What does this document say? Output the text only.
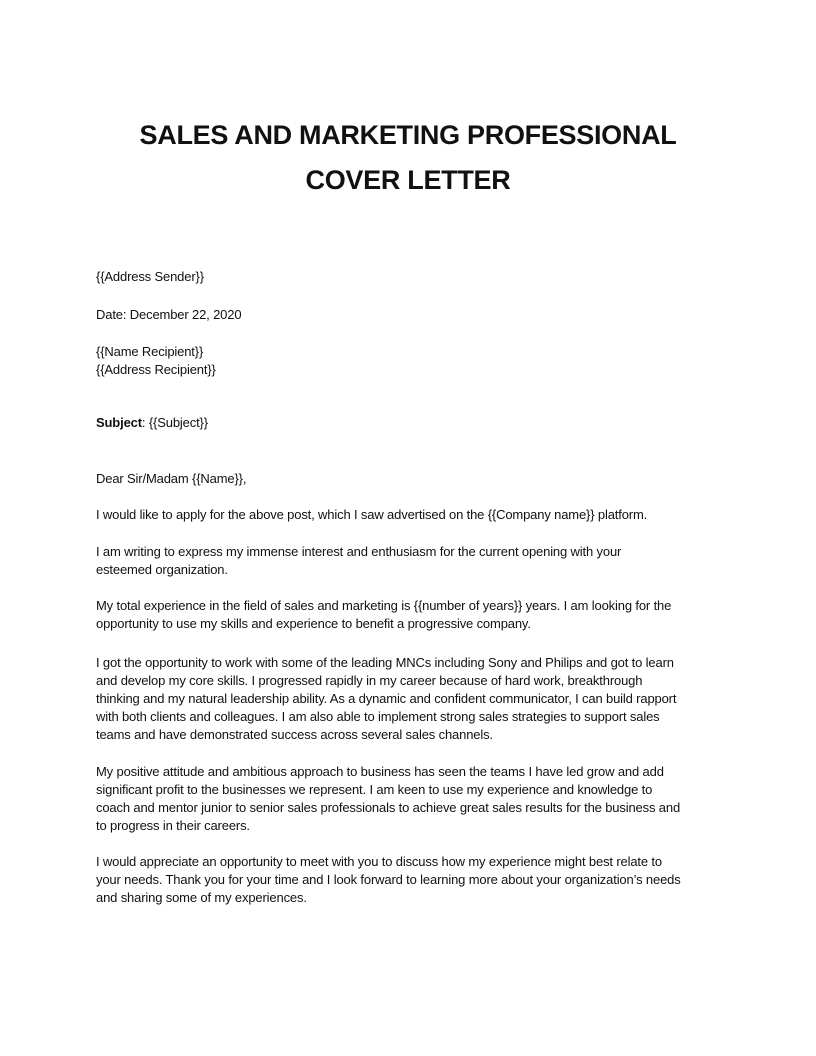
SALES AND MARKETING PROFESSIONAL
COVER LETTER
{{Address Sender}}
Date: December 22, 2020
{{Name Recipient}}
{{Address Recipient}}
Subject: {{Subject}}
Dear Sir/Madam {{Name}},
I would like to apply for the above post, which I saw advertised on the {{Company name}} platform.
I am writing to express my immense interest and enthusiasm for the current opening with your
esteemed organization.
My total experience in the field of sales and marketing is {{number of years}} years. I am looking for the
opportunity to use my skills and experience to benefit a progressive company.
I got the opportunity to work with some of the leading MNCs including Sony and Philips and got to learn
and develop my core skills. I progressed rapidly in my career because of hard work, breakthrough
thinking and my natural leadership ability. As a dynamic and confident communicator, I can build rapport
with both clients and colleagues. I am also able to implement strong sales strategies to support sales
teams and have demonstrated success across several sales channels.
My positive attitude and ambitious approach to business has seen the teams I have led grow and add
significant profit to the businesses we represent. I am keen to use my experience and knowledge to
coach and mentor junior to senior sales professionals to achieve great sales results for the business and
to progress in their careers.
I would appreciate an opportunity to meet with you to discuss how my experience might best relate to
your needs. Thank you for your time and I look forward to learning more about your organization’s needs
and sharing some of my experiences.
